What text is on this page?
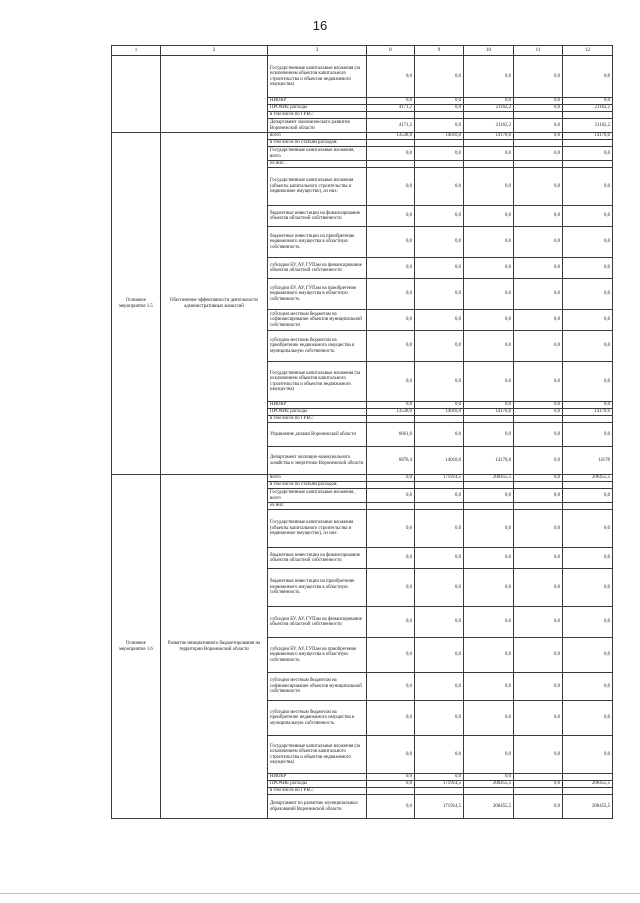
16
1	2	3	8	9	10	11	12
		Государственные капитальные вложения (за исключением объектов капитального строительства и объектов недвижимого имущества)	0,0	0,0	0,0	0,0	0,0
		НИОКР	0,0	0,0	0,0	0,0	0,0
		ПРОЧИЕ расходы	4171,2	0,0	21162,2	0,0	21162,2
		в том числе по ГРБС:					
		Департамент экономического развития Воронежской области	4171,2	0,0	21162,2	0,0	21162,2
Основное мероприятие 1.5	Обеспечение эффективности деятельности административных комиссий	всего	13538,0	14010,0	14170,0	0,0	14170,0
		в том числе по статьям расходов:					
		Государственные капитальные вложения, всего	0,0	0,0	0,0	0,0	0,0
		из них:					
		Государственные капитальные вложения (объекты капитального строительства и недвижимое имущество), из них:	0,0	0,0	0,0	0,0	0,0
		бюджетные инвестиции на финансирование объектов областной собственности	0,0	0,0	0,0	0,0	0,0
		бюджетные инвестиции на приобретение недвижимого имущества в областную собственность	0,0	0,0	0,0	0,0	0,0
		субсидии БУ, АУ, ГУПам на финансирование объектов областной собственности	0,0	0,0	0,0	0,0	0,0
		субсидии БУ, АУ, ГУПам на приобретение недвижимого имущества в областную собственность	0,0	0,0	0,0	0,0	0,0
		субсидии местным бюджетам на софинансирование объектов муниципальной собственности	0,0	0,0	0,0	0,0	0,0
		субсидии местным бюджетам на приобретение недвижимого имущества в муниципальную собственность	0,0	0,0	0,0	0,0	0,0
		Государственные капитальные вложения (за исключением объектов капитального строительства и объектов недвижимого имущества)	0,0	0,0	0,0	0,0	0,0
		НИОКР	0,0	0,0	0,0	0,0	0,0
		ПРОЧИЕ расходы	13538,0	14010,0	14170,0	0,0	14170,0
		в том числе по ГРБС:					
		Управление делами Воронежской области	6661,6	0,0	0,0	0,0	0,0
		Департамент жилищно-коммунального хозяйства и энергетики Воронежской области	6876,4	14010,0	14170,0	0,0	14170
Основное мероприятие 1.6	Развитие инициативного бюджетирования на территории Воронежской области	всего	0,0	171914,5	206455,5	0,0	206455,5
		в том числе по статьям расходов:					
		Государственные капитальные вложения, всего	0,0	0,0	0,0	0,0	0,0
		из них:					
		Государственные капитальные вложения (объекты капитального строительства и недвижимое имущество), из них:	0,0	0,0	0,0	0,0	0,0
		бюджетные инвестиции на финансирование объектов областной собственности	0,0	0,0	0,0	0,0	0,0
		бюджетные инвестиции на приобретение недвижимого имущества в областную собственность	0,0	0,0	0,0	0,0	0,0
		субсидии БУ, АУ, ГУПам на финансирование объектов областной собственности	0,0	0,0	0,0	0,0	0,0
		субсидии БУ, АУ, ГУПам на приобретение недвижимого имущества в областную собственность	0,0	0,0	0,0	0,0	0,0
		субсидии местным бюджетам на софинансирование объектов муниципальной собственности	0,0	0,0	0,0	0,0	0,0
		субсидии местным бюджетам на приобретение недвижимого имущества в муниципальную собственность	0,0	0,0	0,0	0,0	0,0
		Государственные капитальные вложения (за исключением объектов капитального строительства и объектов недвижимого имущества)	0,0	0,0	0,0	0,0	0,0
		НИОКР	0,0	0,0	0,0		
		ПРОЧИЕ расходы	0,0	171914,5	206455,5	0,0	206455,5
		в том числе по ГРБС:					
		Департамент по развитию муниципальных образований Воронежской области	0,0	171914,5	206455,5	0,0	206455,5
